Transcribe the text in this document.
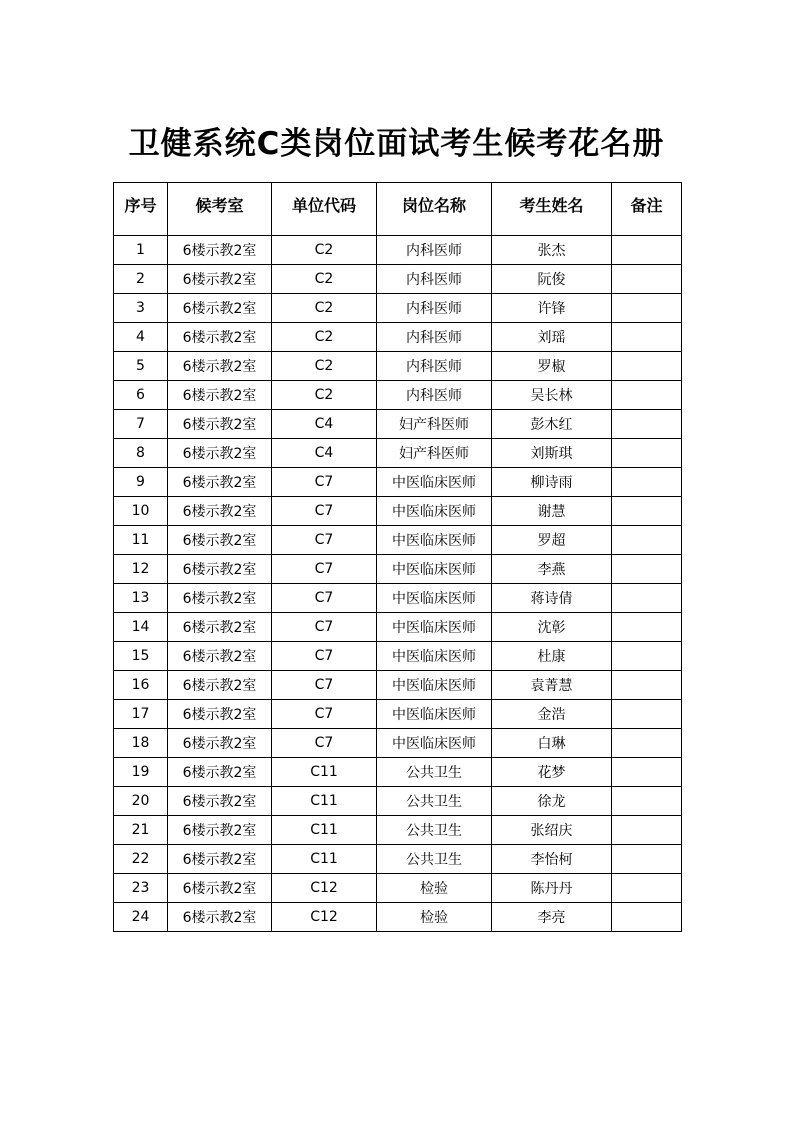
卫健系统C类岗位面试考生候考花名册
序号	候考室	单位代码	岗位名称	考生姓名	备注
1	6楼示教2室	C2	内科医师	张杰	
2	6楼示教2室	C2	内科医师	阮俊	
3	6楼示教2室	C2	内科医师	许锋	
4	6楼示教2室	C2	内科医师	刘瑶	
5	6楼示教2室	C2	内科医师	罗椒	
6	6楼示教2室	C2	内科医师	吴长林	
7	6楼示教2室	C4	妇产科医师	彭木红	
8	6楼示教2室	C4	妇产科医师	刘斯琪	
9	6楼示教2室	C7	中医临床医师	柳诗雨	
10	6楼示教2室	C7	中医临床医师	谢慧	
11	6楼示教2室	C7	中医临床医师	罗超	
12	6楼示教2室	C7	中医临床医师	李燕	
13	6楼示教2室	C7	中医临床医师	蒋诗倩	
14	6楼示教2室	C7	中医临床医师	沈彰	
15	6楼示教2室	C7	中医临床医师	杜康	
16	6楼示教2室	C7	中医临床医师	袁菁慧	
17	6楼示教2室	C7	中医临床医师	金浩	
18	6楼示教2室	C7	中医临床医师	白琳	
19	6楼示教2室	C11	公共卫生	花梦	
20	6楼示教2室	C11	公共卫生	徐龙	
21	6楼示教2室	C11	公共卫生	张绍庆	
22	6楼示教2室	C11	公共卫生	李怡柯	
23	6楼示教2室	C12	检验	陈丹丹	
24	6楼示教2室	C12	检验	李亮	
